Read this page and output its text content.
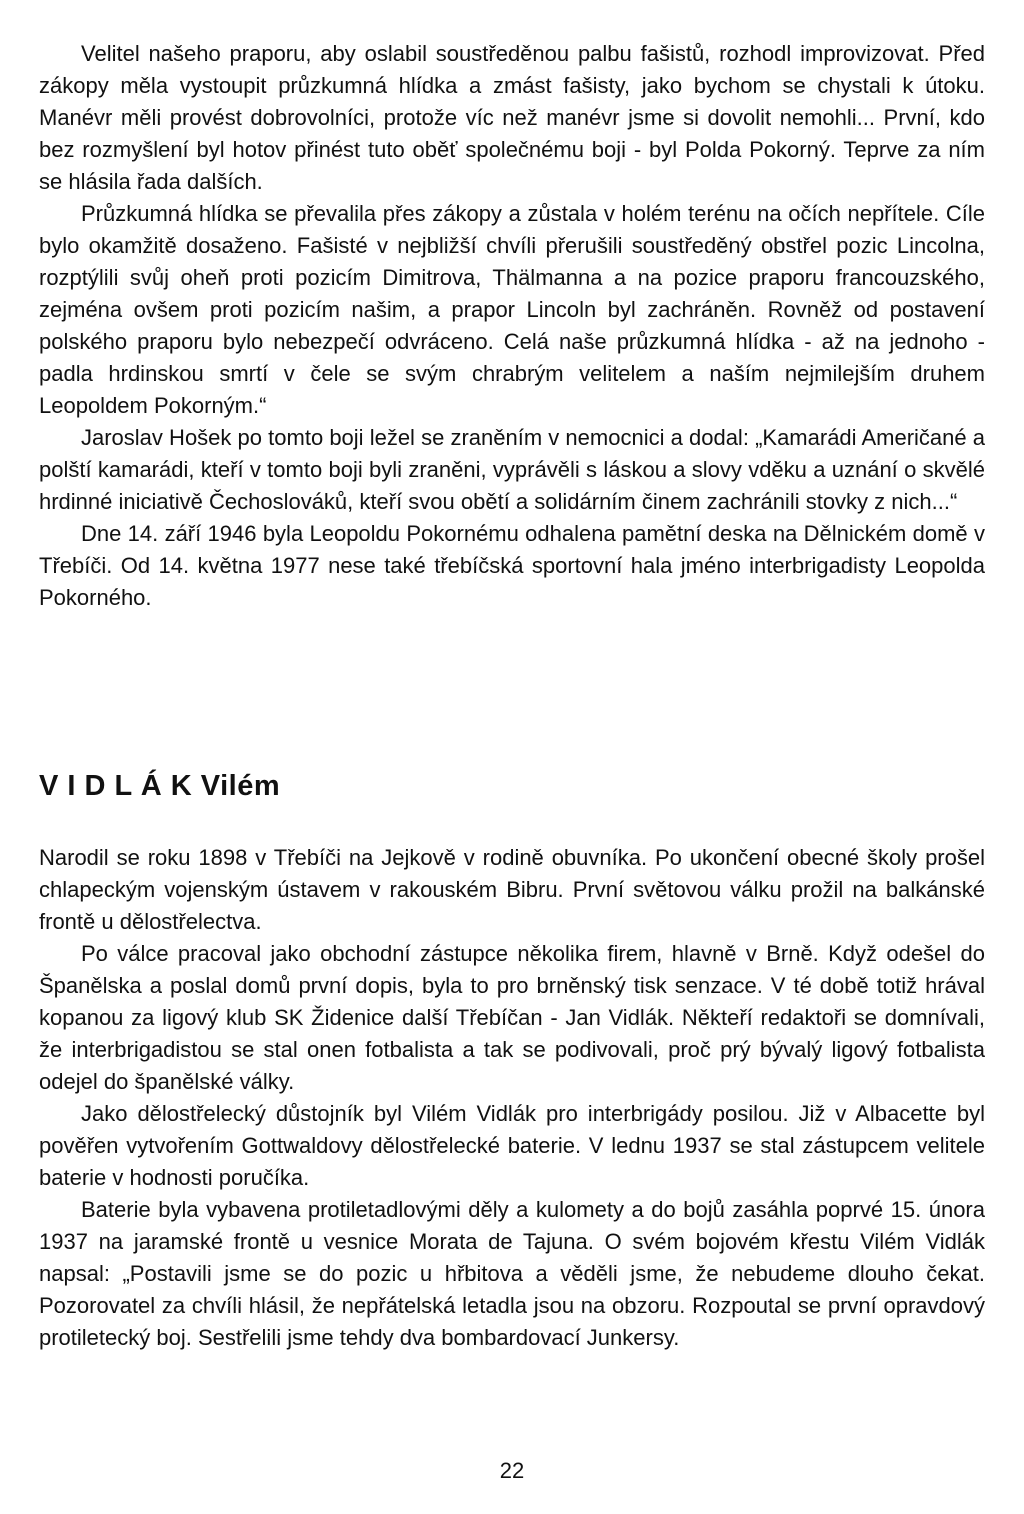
Velitel našeho praporu, aby oslabil soustředěnou palbu fašistů, rozhodl improvizovat. Před zákopy měla vystoupit průzkumná hlídka a zmást fašisty, jako bychom se chystali k útoku. Manévr měli provést dobrovolníci, protože víc než manévr jsme si dovolit nemohli... První, kdo bez rozmyšlení byl hotov přinést tuto oběť společnému boji - byl Polda Pokorný. Teprve za ním se hlásila řada dalších.

Průzkumná hlídka se převalila přes zákopy a zůstala v holém terénu na očích nepřítele. Cíle bylo okamžitě dosaženo. Fašisté v nejbližší chvíli přerušili soustředěný obstřel pozic Lincolna, rozptýlili svůj oheň proti pozicím Dimitrova, Thälmanna a na pozice praporu francouzského, zejména ovšem proti pozicím našim, a prapor Lincoln byl zachráněn. Rovněž od postavení polského praporu bylo nebezpečí odvráceno. Celá naše průzkumná hlídka - až na jednoho - padla hrdinskou smrtí v čele se svým chrabrým velitelem a naším nejmilejším druhem Leopoldem Pokorným.“

Jaroslav Hošek po tomto boji ležel se zraněním v nemocnici a dodal: „Kamarádi Američané a polští kamarádi, kteří v tomto boji byli zraněni, vyprávěli s láskou a slovy vděku a uznání o skvělé hrdinné iniciativě Čechoslováků, kteří svou obětí a solidárním činem zachránili stovky z nich...“

Dne 14. září 1946 byla Leopoldu Pokornému odhalena pamětní deska na Dělnickém domě v Třebíči. Od 14. května 1977 nese také třebíčská sportovní hala jméno interbrigadisty Leopolda Pokorného.

V I D L Á K Vilém

Narodil se roku 1898 v Třebíči na Jejkově v rodině obuvníka. Po ukončení obecné školy prošel chlapeckým vojenským ústavem v rakouském Bibru. První světovou válku prožil na balkánské frontě u dělostřelectva.

Po válce pracoval jako obchodní zástupce několika firem, hlavně v Brně. Když odešel do Španělska a poslal domů první dopis, byla to pro brněnský tisk senzace. V té době totiž hrával kopanou za ligový klub SK Židenice další Třebíčan - Jan Vidlák. Někteří redaktoři se domnívali, že interbrigadistou se stal onen fotbalista a tak se podivovali, proč prý bývalý ligový fotbalista odejel do španělské války.

Jako dělostřelecký důstojník byl Vilém Vidlák pro interbrigády posilou. Již v Albacette byl pověřen vytvořením Gottwaldovy dělostřelecké baterie. V lednu 1937 se stal zástupcem velitele baterie v hodnosti poručíka.

Baterie byla vybavena protiletadlovými děly a kulomety a do bojů zasáhla poprvé 15. února 1937 na jaramské frontě u vesnice Morata de Tajuna. O svém bojovém křestu Vilém Vidlák napsal: „Postavili jsme se do pozic u hřbitova a věděli jsme, že nebudeme dlouho čekat. Pozorovatel za chvíli hlásil, že nepřátelská letadla jsou na obzoru. Rozpoutal se první opravdový protiletecký boj. Sestřelili jsme tehdy dva bombardovací Junkersy.

22
